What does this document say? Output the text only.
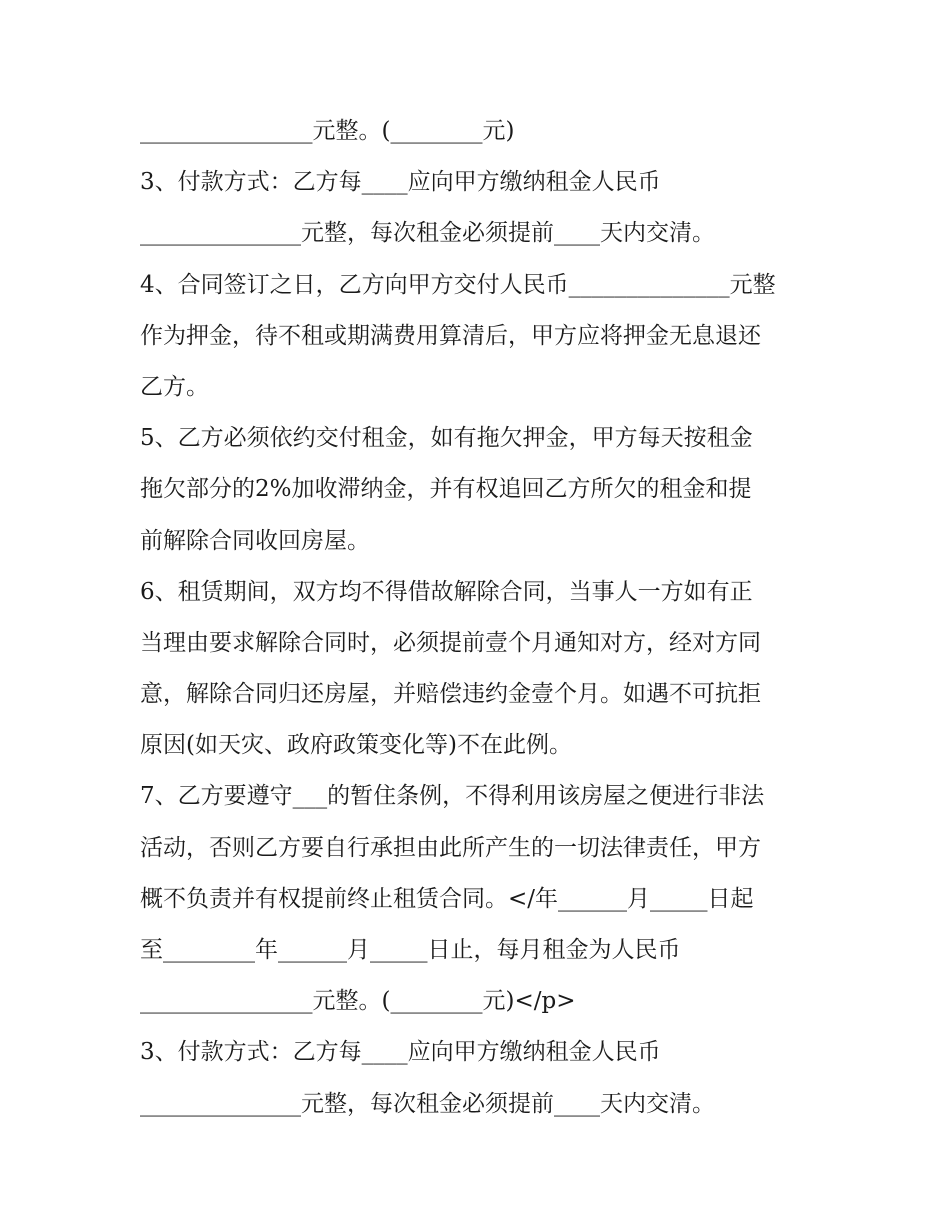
_______________元整。(________元)
3、付款方式：乙方每____应向甲方缴纳租金人民币
______________元整，每次租金必须提前____天内交清。
4、合同签订之日，乙方向甲方交付人民币______________元整
作为押金，待不租或期满费用算清后，甲方应将押金无息退还
乙方。
5、乙方必须依约交付租金，如有拖欠押金，甲方每天按租金
拖欠部分的2%加收滞纳金，并有权追回乙方所欠的租金和提
前解除合同收回房屋。
6、租赁期间，双方均不得借故解除合同，当事人一方如有正
当理由要求解除合同时，必须提前壹个月通知对方，经对方同
意，解除合同归还房屋，并赔偿违约金壹个月。如遇不可抗拒
原因(如天灾、政府政策变化等)不在此例。
7、乙方要遵守___的暂住条例，不得利用该房屋之便进行非法
活动，否则乙方要自行承担由此所产生的一切法律责任，甲方
概不负责并有权提前终止租赁合同。</年______月_____日起
至________年______月_____日止，每月租金为人民币
_______________元整。(________元)</p>
3、付款方式：乙方每____应向甲方缴纳租金人民币
______________元整，每次租金必须提前____天内交清。
